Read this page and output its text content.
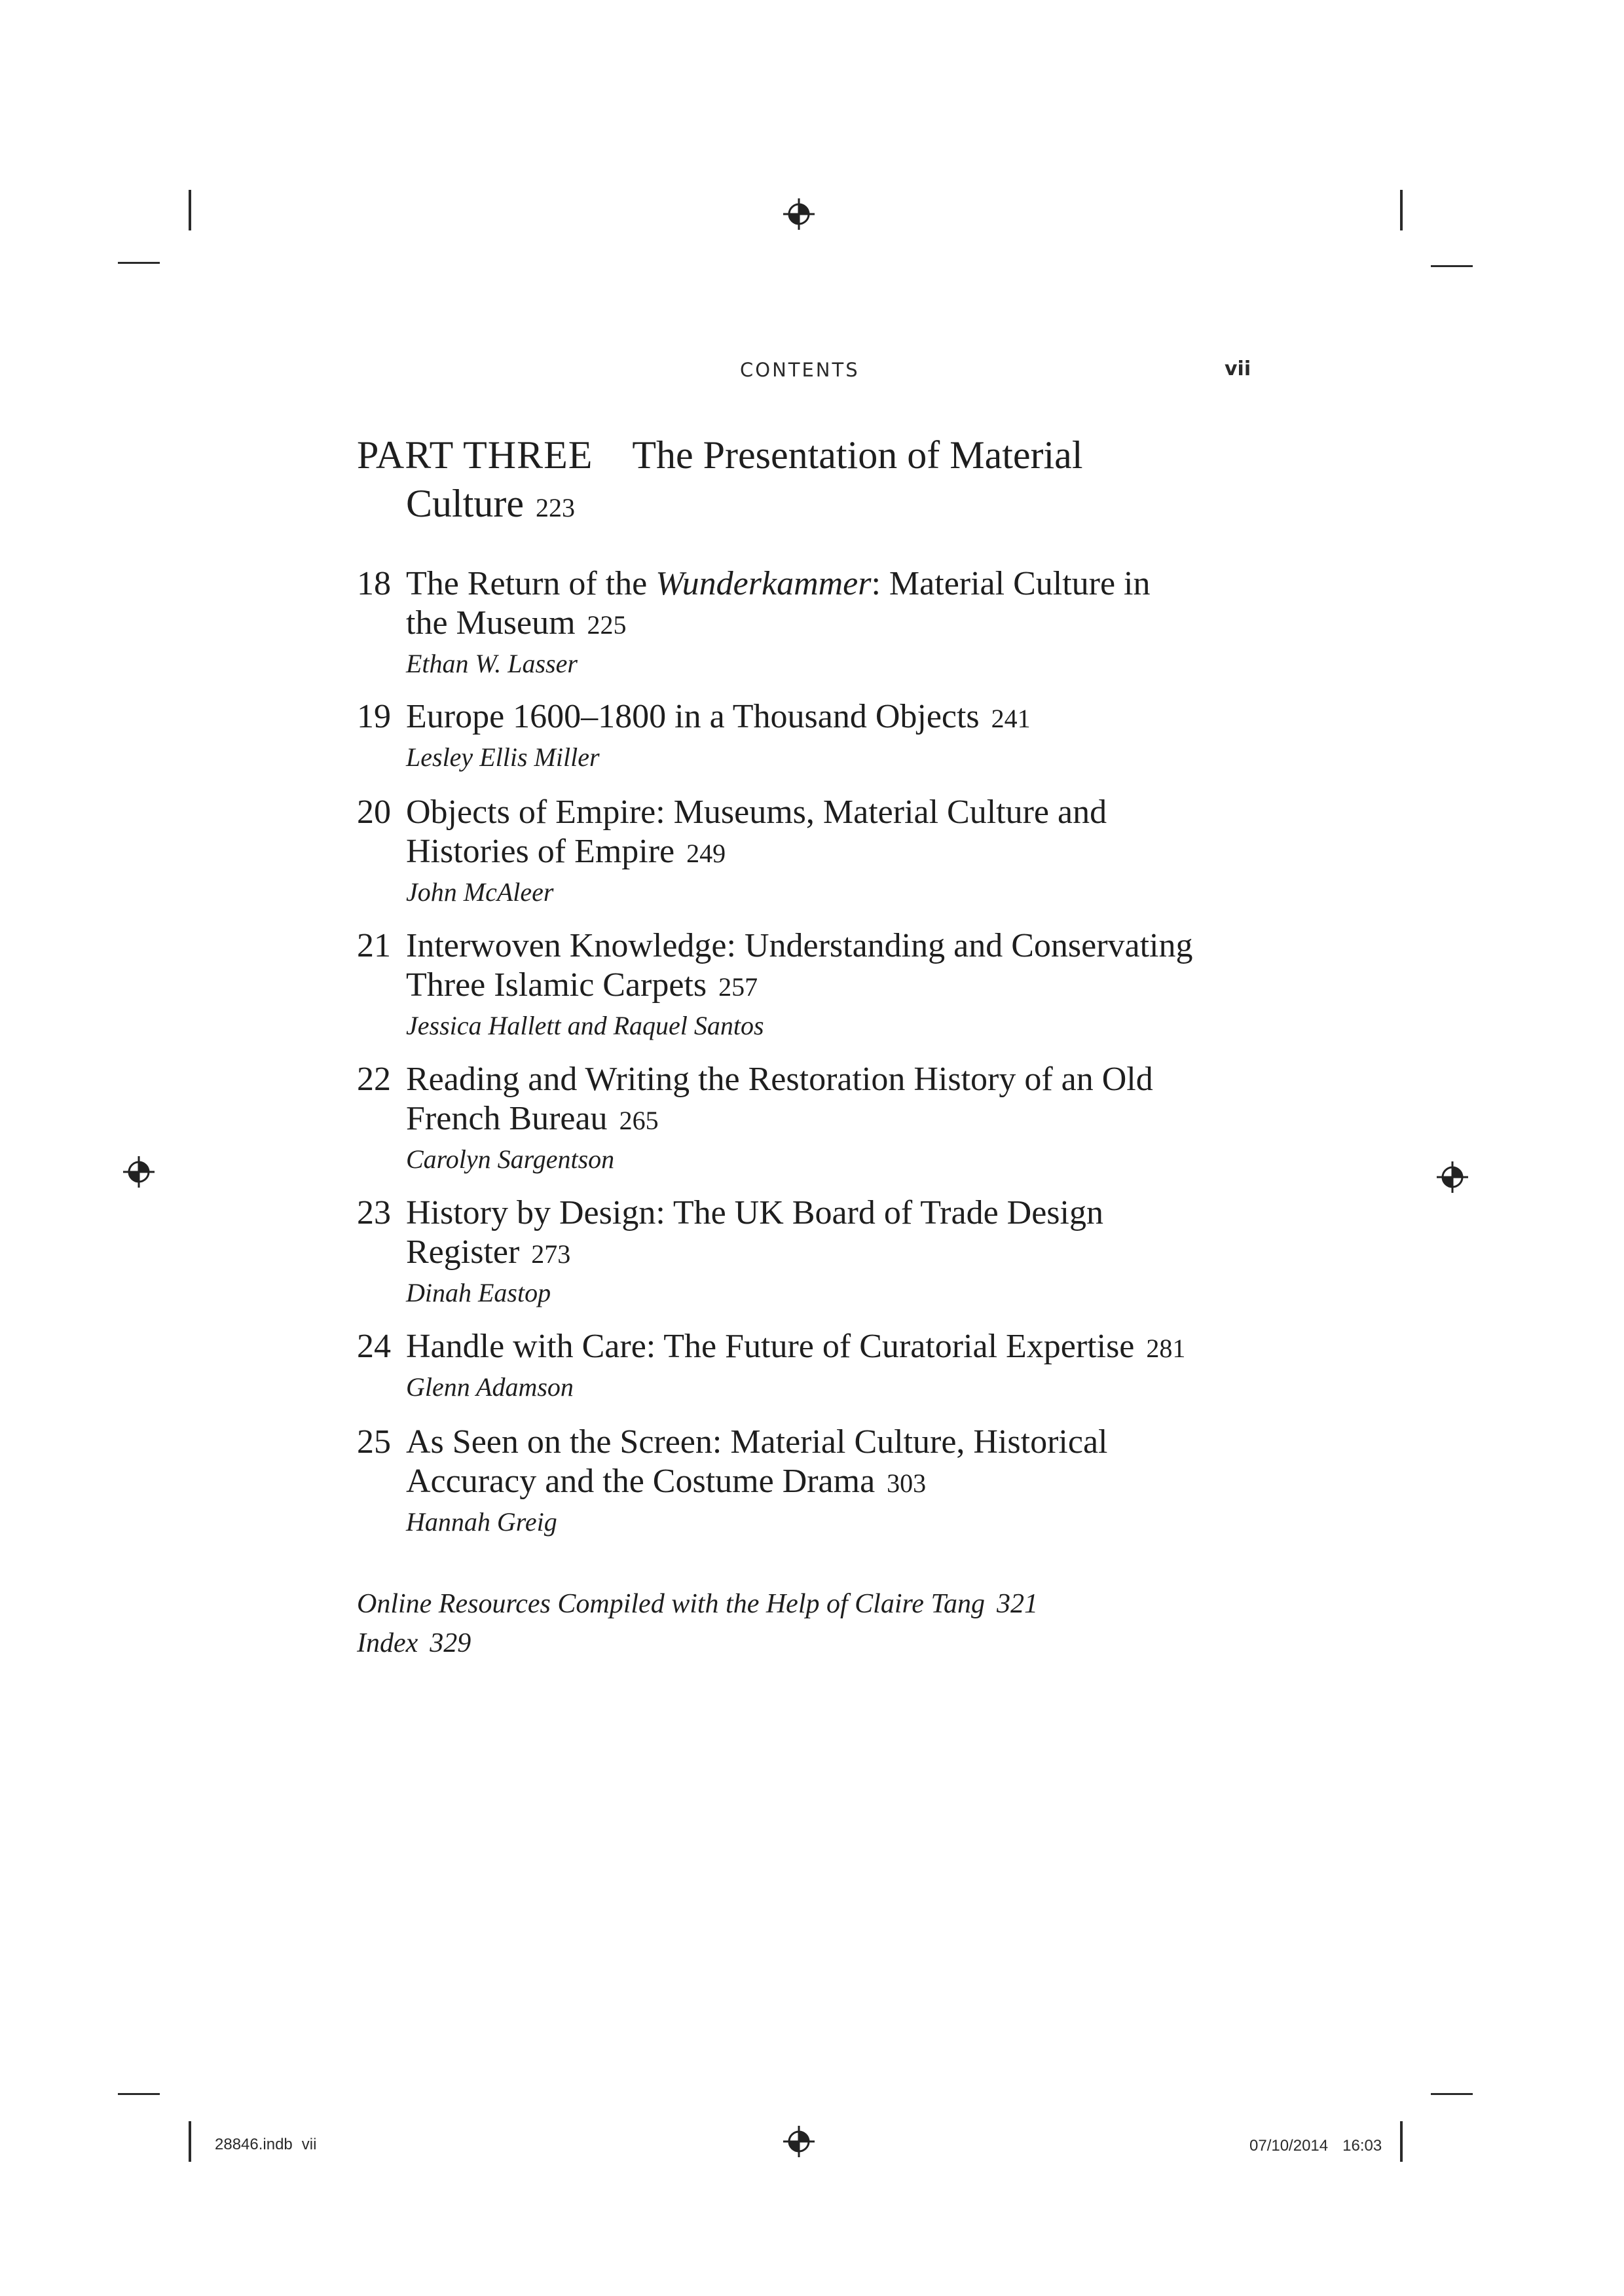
CONTENTS	vii
PART THREE The Presentation of Material
Culture 223
18 The Return of the Wunderkammer: Material Culture in
the Museum 225
Ethan W. Lasser
19 Europe 1600–1800 in a Thousand Objects 241
Lesley Ellis Miller
20 Objects of Empire: Museums, Material Culture and
Histories of Empire 249
John McAleer
21 Interwoven Knowledge: Understanding and Conservating
Three Islamic Carpets 257
Jessica Hallett and Raquel Santos
22 Reading and Writing the Restoration History of an Old
French Bureau 265
Carolyn Sargentson
23 History by Design: The UK Board of Trade Design
Register 273
Dinah Eastop
24 Handle with Care: The Future of Curatorial Expertise 281
Glenn Adamson
25 As Seen on the Screen: Material Culture, Historical
Accuracy and the Costume Drama 303
Hannah Greig
Online Resources Compiled with the Help of Claire Tang 321
Index 329
28846.indb vii	07/10/2014 16:03
